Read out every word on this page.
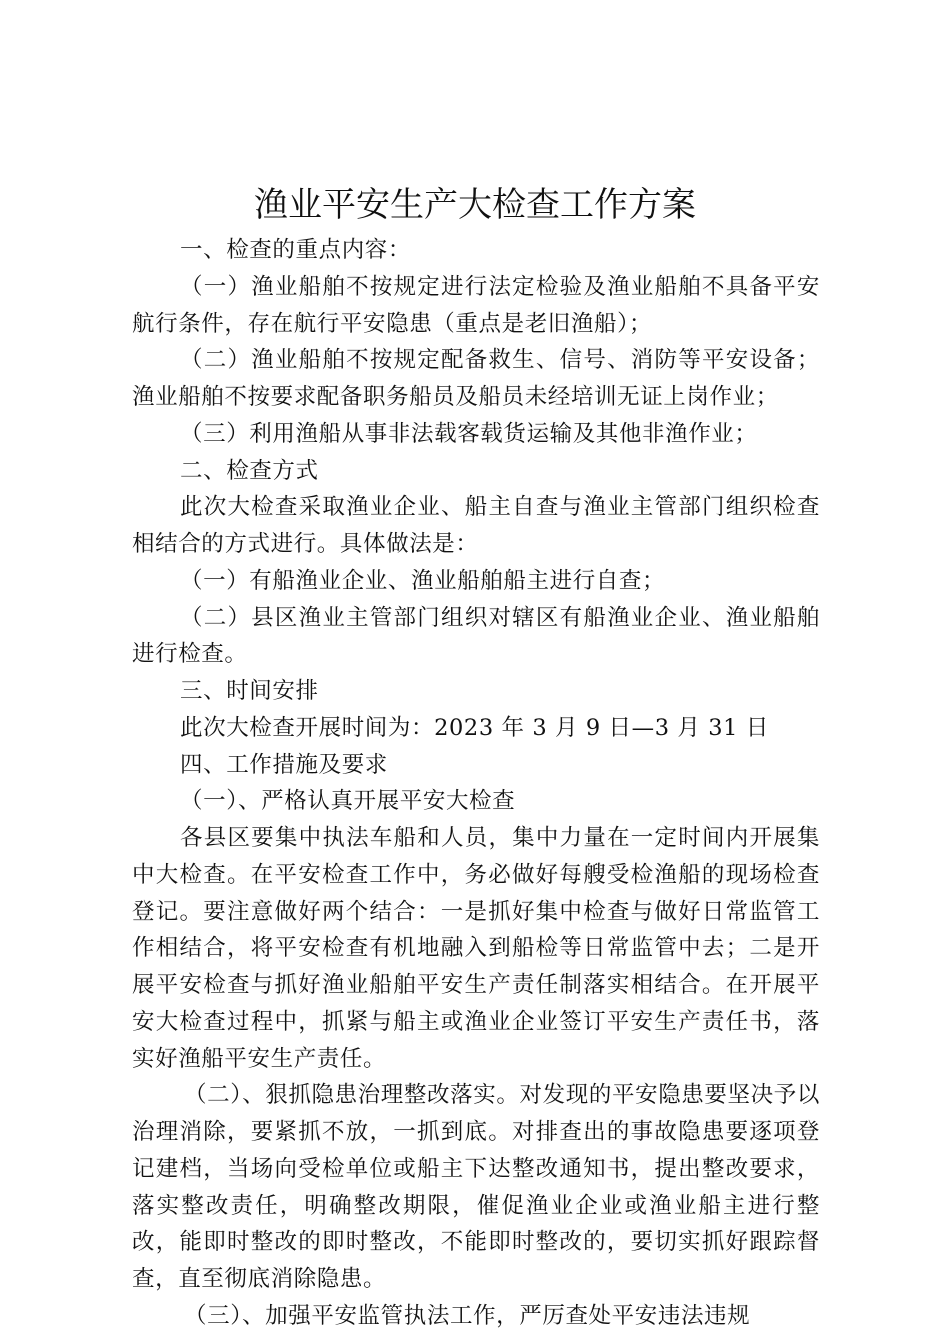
渔业平安生产大检查工作方案

一、检查的重点内容：

（一）渔业船舶不按规定进行法定检验及渔业船舶不具备平安航行条件，存在航行平安隐患（重点是老旧渔船）；

（二）渔业船舶不按规定配备救生、信号、消防等平安设备；渔业船舶不按要求配备职务船员及船员未经培训无证上岗作业；

（三）利用渔船从事非法载客载货运输及其他非渔作业；

二、检查方式

此次大检查采取渔业企业、船主自查与渔业主管部门组织检查相结合的方式进行。具体做法是：

（一）有船渔业企业、渔业船舶船主进行自查；

（二）县区渔业主管部门组织对辖区有船渔业企业、渔业船舶进行检查。

三、时间安排

此次大检查开展时间为：2023 年 3 月 9 日—3 月 31 日

四、工作措施及要求

（一）、严格认真开展平安大检查

各县区要集中执法车船和人员，集中力量在一定时间内开展集中大检查。在平安检查工作中，务必做好每艘受检渔船的现场检查登记。要注意做好两个结合：一是抓好集中检查与做好日常监管工作相结合，将平安检查有机地融入到船检等日常监管中去；二是开展平安检查与抓好渔业船舶平安生产责任制落实相结合。在开展平安大检查过程中，抓紧与船主或渔业企业签订平安生产责任书，落实好渔船平安生产责任。

（二）、狠抓隐患治理整改落实。对发现的平安隐患要坚决予以治理消除，要紧抓不放，一抓到底。对排查出的事故隐患要逐项登记建档，当场向受检单位或船主下达整改通知书，提出整改要求，落实整改责任，明确整改期限，催促渔业企业或渔业船主进行整改，能即时整改的即时整改，不能即时整改的，要切实抓好跟踪督查，直至彻底消除隐患。

（三）、加强平安监管执法工作，严厉查处平安违法违规
